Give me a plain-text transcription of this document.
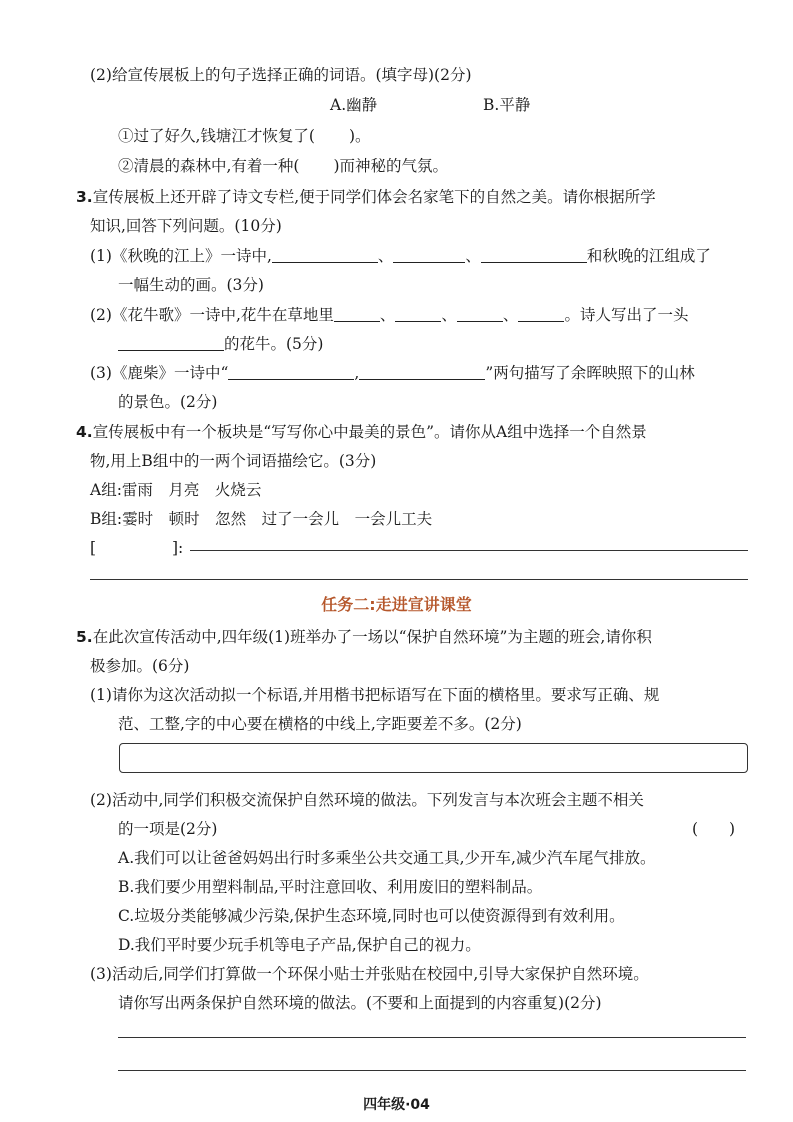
(2)给宣传展板上的句子选择正确的词语。(填字母)(2分)
A.幽静	B.平静
①过了好久,钱塘江才恢复了( )。
②清晨的森林中,有着一种( )而神秘的气氛。
3.宣传展板上还开辟了诗文专栏,便于同学们体会名家笔下的自然之美。请你根据所学
知识,回答下列问题。(10分)
(1)《秋晚的江上》一诗中,	、	、	和秋晚的江组成了
一幅生动的画。(3分)
(2)《花牛歌》一诗中,花牛在草地里	、	、	、	。诗人写出了一头
的花牛。(5分)
(3)《鹿柴》一诗中“	,	”两句描写了余晖映照下的山林
的景色。(2分)
4.宣传展板中有一个板块是“写写你心中最美的景色”。请你从A组中选择一个自然景
物,用上B组中的一两个词语描绘它。(3分)
A组:雷雨　月亮　火烧云
B组:霎时　顿时　忽然　过了一会儿　一会儿工夫
[	]:
任务二:走进宣讲课堂
5.在此次宣传活动中,四年级(1)班举办了一场以“保护自然环境”为主题的班会,请你积
极参加。(6分)
(1)请你为这次活动拟一个标语,并用楷书把标语写在下面的横格里。要求写正确、规
范、工整,字的中心要在横格的中线上,字距要差不多。(2分)
(2)活动中,同学们积极交流保护自然环境的做法。下列发言与本次班会主题不相关
的一项是(2分)	(　　)
A.我们可以让爸爸妈妈出行时多乘坐公共交通工具,少开车,减少汽车尾气排放。
B.我们要少用塑料制品,平时注意回收、利用废旧的塑料制品。
C.垃圾分类能够减少污染,保护生态环境,同时也可以使资源得到有效利用。
D.我们平时要少玩手机等电子产品,保护自己的视力。
(3)活动后,同学们打算做一个环保小贴士并张贴在校园中,引导大家保护自然环境。
请你写出两条保护自然环境的做法。(不要和上面提到的内容重复)(2分)
四年级·04
